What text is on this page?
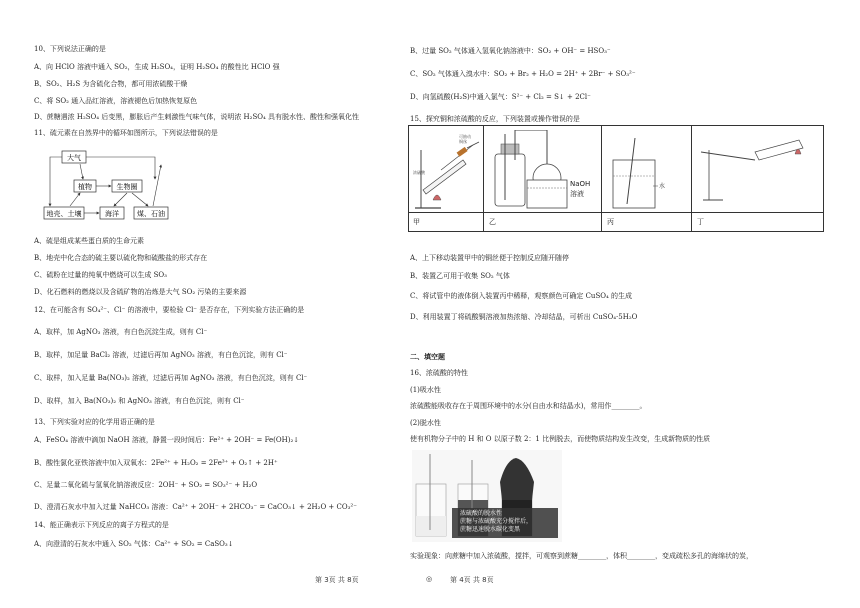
10、下列说法正确的是
A、向 HClO 溶液中通入 SO₂，生成 H₂SO₄，证明 H₂SO₄ 的酸性比 HClO 强
B、SO₂、H₂S 为含硫化合物，都可用浓硫酸干燥
C、将 SO₂ 通入品红溶液，溶液褪色后加热恢复原色
D、蔗糖遇浓 H₂SO₄ 后变黑，膨胀后产生刺激性气味气体，说明浓 H₂SO₄ 具有脱水性、酸性和强氧化性
11、硫元素在自然界中的循环如图所示，下列说法错误的是
大气
植物	生物圈
地壳、土壤	海洋	煤、石油
A、硫是组成某些蛋白质的生命元素
B、地壳中化合态的硫主要以硫化物和硫酸盐的形式存在
C、硫粉在过量的纯氧中燃烧可以生成 SO₃
D、化石燃料的燃烧以及含硫矿物的冶炼是大气 SO₂ 污染的主要来源
12、在可能含有 SO₄²⁻、Cl⁻ 的溶液中，要检验 Cl⁻ 是否存在，下列实验方法正确的是
A、取样，加 AgNO₃ 溶液，有白色沉淀生成，则有 Cl⁻
B、取样，加足量 BaCl₂ 溶液，过滤后再加 AgNO₃ 溶液，有白色沉淀，则有 Cl⁻
C、取样，加入足量 Ba(NO₃)₂ 溶液，过滤后再加 AgNO₃ 溶液，有白色沉淀，则有 Cl⁻
D、取样，加入 Ba(NO₃)₂ 和 AgNO₃ 溶液，有白色沉淀，则有 Cl⁻
13、下列实验对应的化学用语正确的是
A、FeSO₄ 溶液中滴加 NaOH 溶液，静置一段时间后：Fe²⁺ + 2OH⁻ = Fe(OH)₂↓
B、酸性氯化亚铁溶液中加入双氧水：2Fe²⁺ + H₂O₂ = 2Fe³⁺ + O₂↑ + 2H⁺
C、足量二氧化硫与氢氧化钠溶液反应：2OH⁻ + SO₂ = SO₃²⁻ + H₂O
D、澄清石灰水中加入过量 NaHCO₃ 溶液：Ca²⁺ + 2OH⁻ + 2HCO₃⁻ = CaCO₃↓ + 2H₂O + CO₃²⁻
14、能正确表示下列反应的离子方程式的是
A、向澄清的石灰水中通入 SO₂ 气体：Ca²⁺ + SO₂ = CaSO₃↓
第 3页 共 8页	◎
B、过量 SO₂ 气体通入氢氧化钠溶液中：SO₂ + OH⁻ = HSO₃⁻
C、SO₂ 气体通入溴水中：SO₂ + Br₂ + H₂O = 2H⁺ + 2Br⁻ + SO₃²⁻
D、向氢硫酸(H₂S)中通入氯气：S²⁻ + Cl₂ = S↓ + 2Cl⁻
15、探究铜和浓硫酸的反应，下列装置或操作错误的是
可抽动
铜丝
浓硫酸
NaOH
溶液
水
甲	乙	丙	丁
A、上下移动装置甲中的铜丝便于控制反应随开随停
B、装置乙可用于收集 SO₂ 气体
C、将试管中的液体倒入装置丙中稀释，观察颜色可确定 CuSO₄ 的生成
D、利用装置丁将硫酸铜溶液加热浓缩、冷却结晶，可析出 CuSO₄·5H₂O
二、填空题
16、浓硫酸的特性
(1)吸水性
浓硫酸能吸收存在于周围环境中的水分(自由水和结晶水)，常用作________。
(2)脱水性
使有机物分子中的 H 和 O 以原子数 2：1 比例脱去，而使物质结构发生改变，生成新物质的性质
浓硫酸的脱水性
蔗糖与浓硫酸充分搅拌后，
蔗糖迅速脱水碳化变黑
实验现象：向蔗糖中加入浓硫酸，搅拌，可观察到蔗糖________，体积________，变成疏松多孔的海绵状的炭，
第 4页 共 8页
